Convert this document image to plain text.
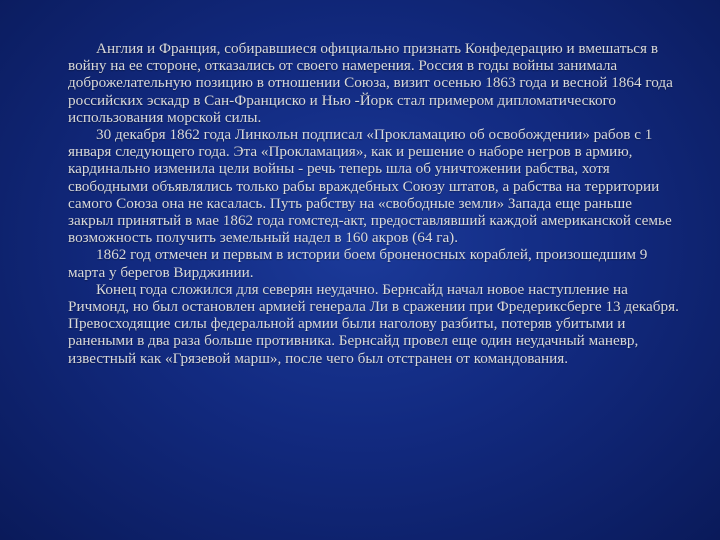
Англия и Франция, собиравшиеся официально признать Конфедерацию и вмешаться в войну на ее стороне, отказались от своего намерения. Россия в годы войны занимала доброжелательную позицию в отношении Союза, визит осенью 1863 года и весной 1864 года российских эскадр в Сан-Франциско и Нью -Йорк стал примером дипломатического использования морской силы.

30 декабря 1862 года Линкольн подписал «Прокламацию об освобождении» рабов с 1 января следующего года. Эта «Прокламация», как и решение о наборе негров в армию, кардинально изменила цели войны - речь теперь шла об уничтожении рабства, хотя свободными объявлялись только рабы враждебных Союзу штатов, а рабства на территории самого Союза она не касалась. Путь рабству на «свободные земли» Запада еще раньше закрыл принятый в мае 1862 года гомстед-акт, предоставлявший каждой американской семье возможность получить земельный надел в 160 акров (64 га).

1862 год отмечен и первым в истории боем броненосных кораблей, произошедшим 9 марта у берегов Вирджинии.

Конец года сложился для северян неудачно. Бернсайд начал новое наступление на Ричмонд, но был остановлен армией генерала Ли в сражении при Фредериксберге 13 декабря. Превосходящие силы федеральной армии были наголову разбиты, потеряв убитыми и ранеными в два раза больше противника. Бернсайд провел еще один неудачный маневр, известный как «Грязевой марш», после чего был отстранен от командования.
